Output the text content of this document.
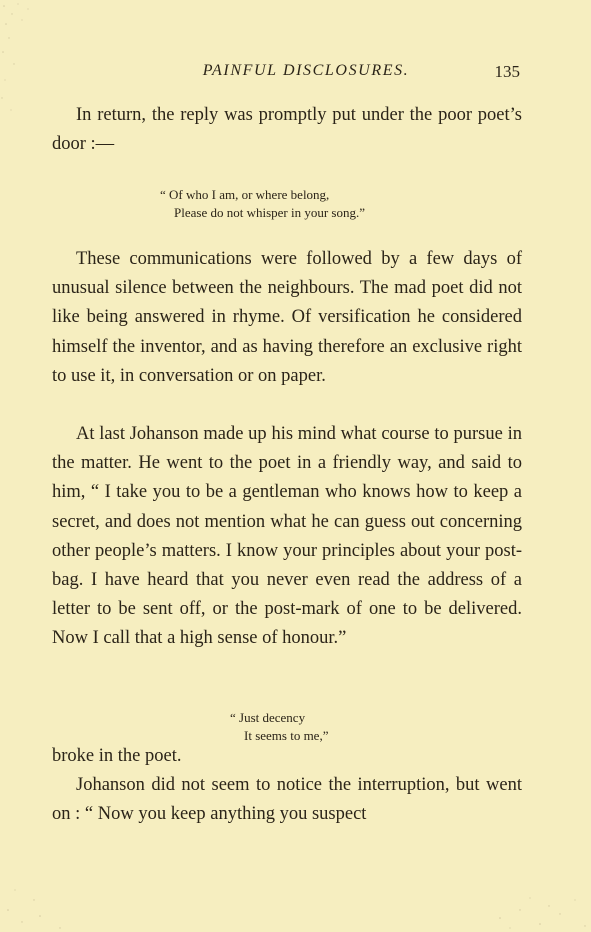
PAINFUL DISCLOSURES.	135

In return, the reply was promptly put under the poor poet’s door :—

“ Of who I am, or where belong,
Please do not whisper in your song.”

These communications were followed by a few days of unusual silence between the neighbours. The mad poet did not like being answered in rhyme. Of versification he considered himself the inventor, and as having therefore an exclusive right to use it, in conversation or on paper.

At last Johanson made up his mind what course to pursue in the matter. He went to the poet in a friendly way, and said to him, “ I take you to be a gentleman who knows how to keep a secret, and does not mention what he can guess out concerning other people’s matters. I know your principles about your post-bag. I have heard that you never even read the address of a letter to be sent off, or the post-mark of one to be delivered. Now I call that a high sense of honour.”

“ Just decency
It seems to me,”

broke in the poet.

Johanson did not seem to notice the interruption, but went on : “ Now you keep anything you suspect
